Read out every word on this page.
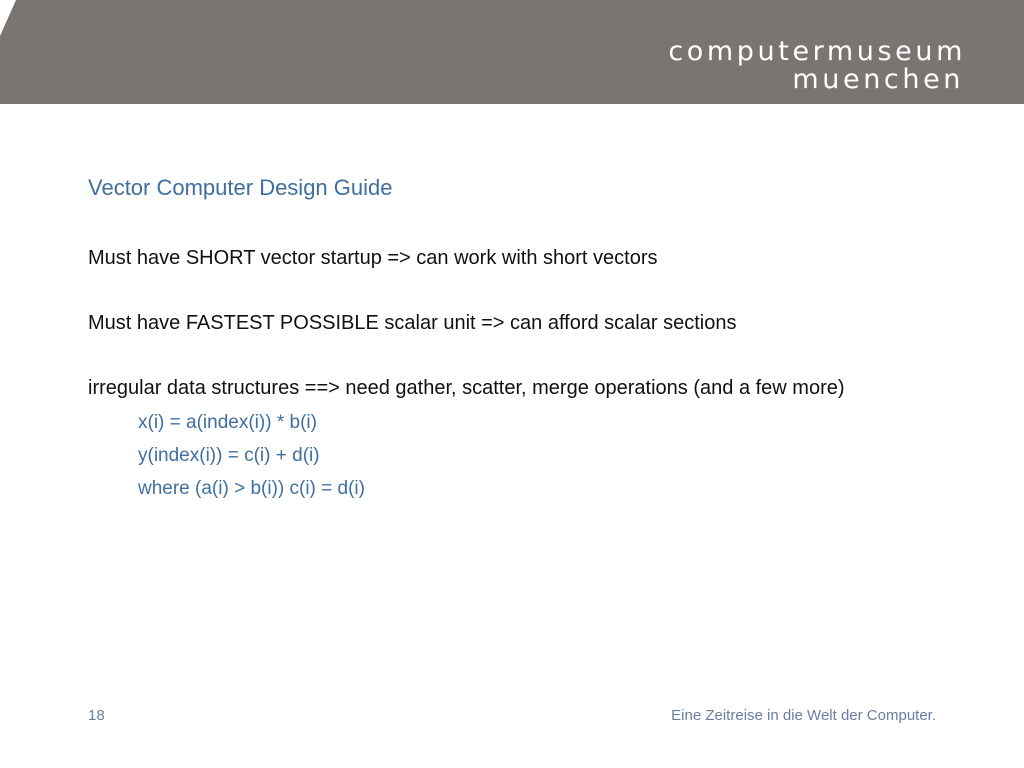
computermuseum
muenchen
Vector Computer Design Guide

Must have SHORT vector startup => can work with short vectors

Must have FASTEST POSSIBLE scalar unit => can afford scalar sections

irregular data structures ==> need gather, scatter, merge operations (and a few more)

x(i) = a(index(i)) * b(i)

y(index(i)) = c(i) + d(i)

where (a(i) > b(i)) c(i) = d(i)

18	Eine Zeitreise in die Welt der Computer.
